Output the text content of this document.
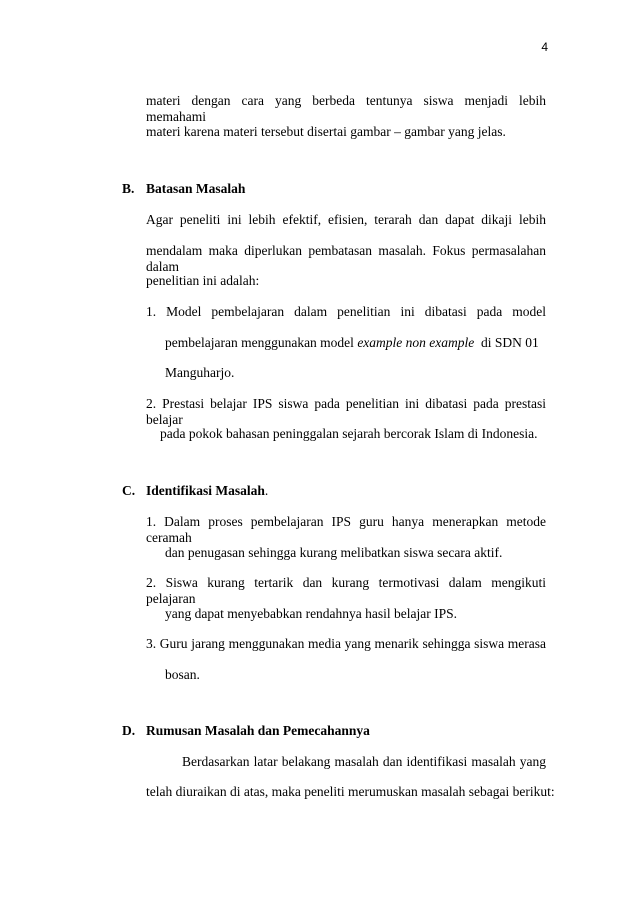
4
materi dengan cara yang berbeda tentunya siswa menjadi lebih memahami
materi karena materi tersebut disertai gambar – gambar yang jelas.
B. Batasan Masalah
Agar peneliti ini lebih efektif, efisien, terarah dan dapat dikaji lebih
mendalam maka diperlukan pembatasan masalah. Fokus permasalahan dalam
penelitian ini adalah:
1. Model pembelajaran dalam penelitian ini dibatasi pada model
pembelajaran menggunakan model example non example  di SDN 01
Manguharjo.
2. Prestasi belajar IPS siswa pada penelitian ini dibatasi pada prestasi belajar
pada pokok bahasan peninggalan sejarah bercorak Islam di Indonesia.
C. Identifikasi Masalah.
1. Dalam proses pembelajaran IPS guru hanya menerapkan metode ceramah
dan penugasan sehingga kurang melibatkan siswa secara aktif.
2. Siswa kurang tertarik dan kurang termotivasi dalam mengikuti pelajaran
yang dapat menyebabkan rendahnya hasil belajar IPS.
3. Guru jarang menggunakan media yang menarik sehingga siswa merasa
bosan.
D. Rumusan Masalah dan Pemecahannya
Berdasarkan latar belakang masalah dan identifikasi masalah yang
telah diuraikan di atas, maka peneliti merumuskan masalah sebagai berikut:
